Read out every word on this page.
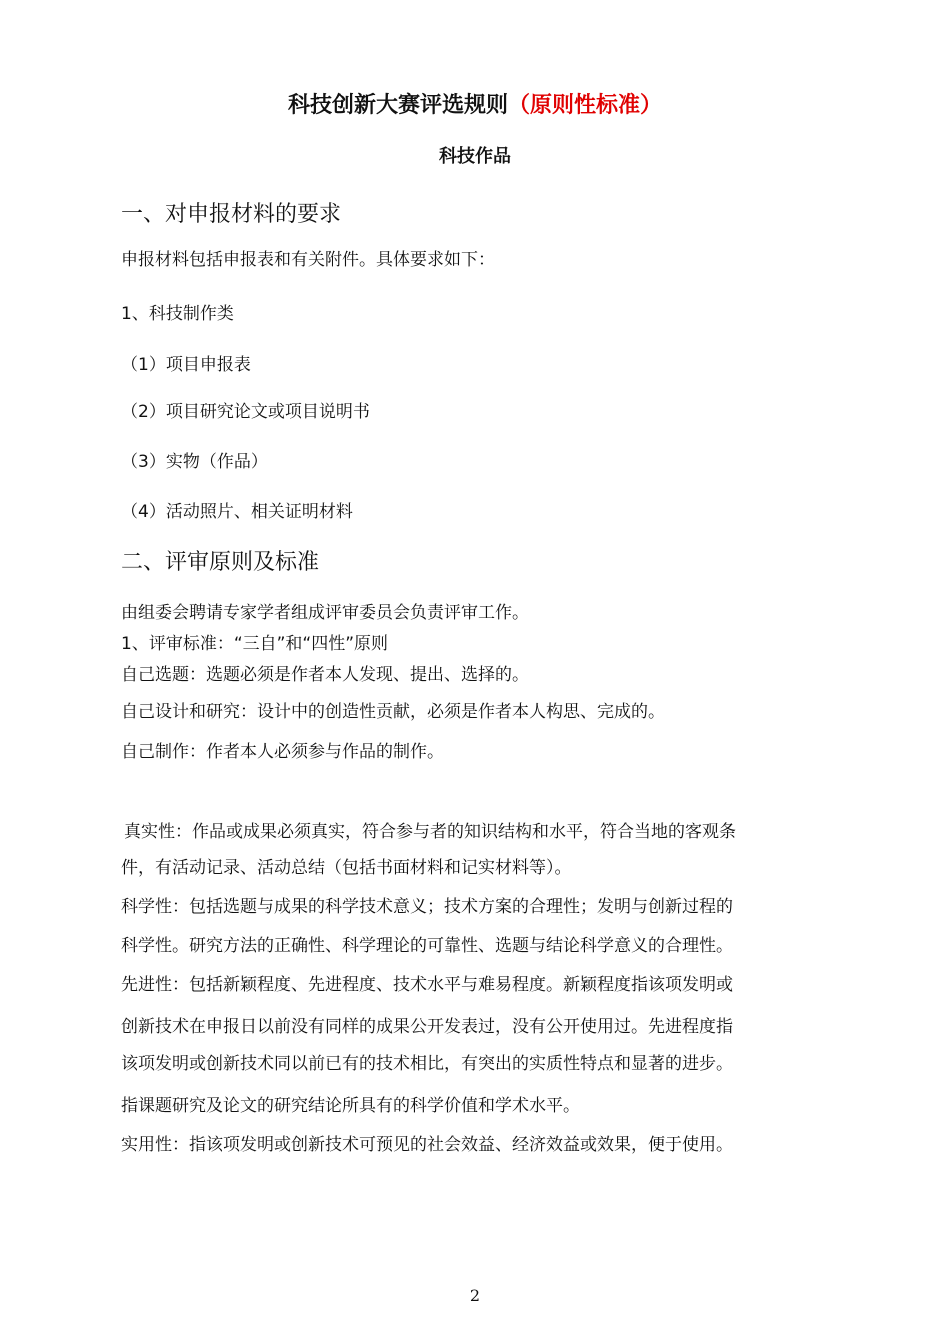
科技创新大赛评选规则（原则性标准）
科技作品
一、对申报材料的要求
申报材料包括申报表和有关附件。具体要求如下：
1、科技制作类
（1）项目申报表
（2）项目研究论文或项目说明书
（3）实物（作品）
（4）活动照片、相关证明材料
二、评审原则及标准
由组委会聘请专家学者组成评审委员会负责评审工作。
1、评审标准：“三自”和“四性”原则
自己选题：选题必须是作者本人发现、提出、选择的。
自己设计和研究：设计中的创造性贡献，必须是作者本人构思、完成的。
自己制作：作者本人必须参与作品的制作。
真实性：作品或成果必须真实，符合参与者的知识结构和水平，符合当地的客观条
件，有活动记录、活动总结（包括书面材料和记实材料等）。
科学性：包括选题与成果的科学技术意义；技术方案的合理性；发明与创新过程的
科学性。研究方法的正确性、科学理论的可靠性、选题与结论科学意义的合理性。
先进性：包括新颖程度、先进程度、技术水平与难易程度。新颖程度指该项发明或
创新技术在申报日以前没有同样的成果公开发表过，没有公开使用过。先进程度指
该项发明或创新技术同以前已有的技术相比，有突出的实质性特点和显著的进步。
指课题研究及论文的研究结论所具有的科学价值和学术水平。
实用性：指该项发明或创新技术可预见的社会效益、经济效益或效果，便于使用。
2
